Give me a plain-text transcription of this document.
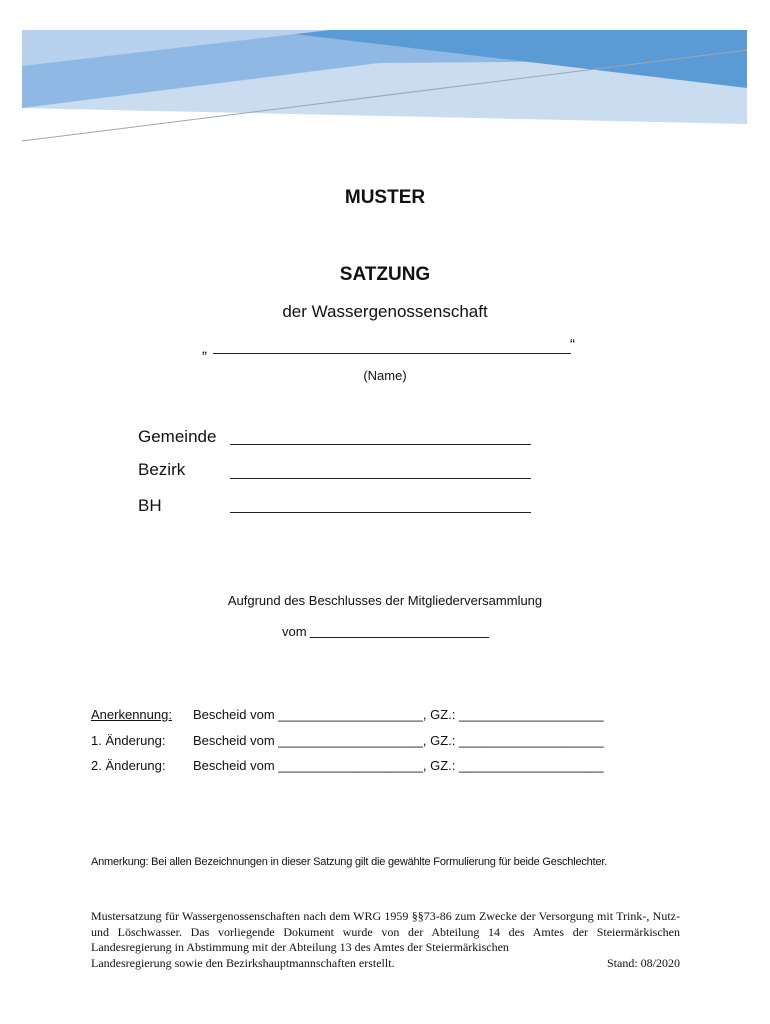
MUSTER
SATZUNG
der Wassergenossenschaft
„	“
(Name)
Gemeinde
Bezirk
BH
Aufgrund des Beschlusses der Mitgliederversammlung
vom
Anerkennung: Bescheid vom ____________________, GZ.: ____________________
1. Änderung: Bescheid vom ____________________, GZ.: ____________________
2. Änderung: Bescheid vom ____________________, GZ.: ____________________
Anmerkung: Bei allen Bezeichnungen in dieser Satzung gilt die gewählte Formulierung für beide Geschlechter.
Mustersatzung für Wassergenossenschaften nach dem WRG 1959 §§73-86 zum Zwecke der Versorgung mit Trink-, Nutz- und Löschwasser. Das vorliegende Dokument wurde von der Abteilung 14 des Amtes der Steiermärkischen Landesregierung in Abstimmung mit der Abteilung 13 des Amtes der Steiermärkischen
Landesregierung sowie den Bezirkshauptmannschaften erstellt.	Stand: 08/2020
